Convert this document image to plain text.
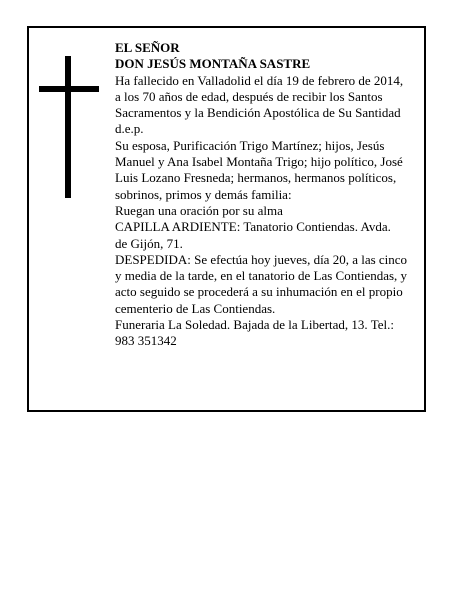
EL SEÑOR
DON JESÚS MONTAÑA SASTRE
Ha fallecido en Valladolid el día 19 de febrero de 2014,
a los 70 años de edad, después de recibir los Santos
Sacramentos y la Bendición Apostólica de Su Santidad
d.e.p.
Su esposa, Purificación Trigo Martínez; hijos, Jesús
Manuel y Ana Isabel Montaña Trigo; hijo político, José
Luis Lozano Fresneda; hermanos, hermanos políticos,
sobrinos, primos y demás familia:
Ruegan una oración por su alma
CAPILLA ARDIENTE: Tanatorio Contiendas. Avda.
de Gijón, 71.
DESPEDIDA: Se efectúa hoy jueves, día 20, a las cinco
y media de la tarde, en el tanatorio de Las Contiendas, y
acto seguido se procederá a su inhumación en el propio
cementerio de Las Contiendas.
Funeraria La Soledad. Bajada de la Libertad, 13. Tel.:
983 351342
